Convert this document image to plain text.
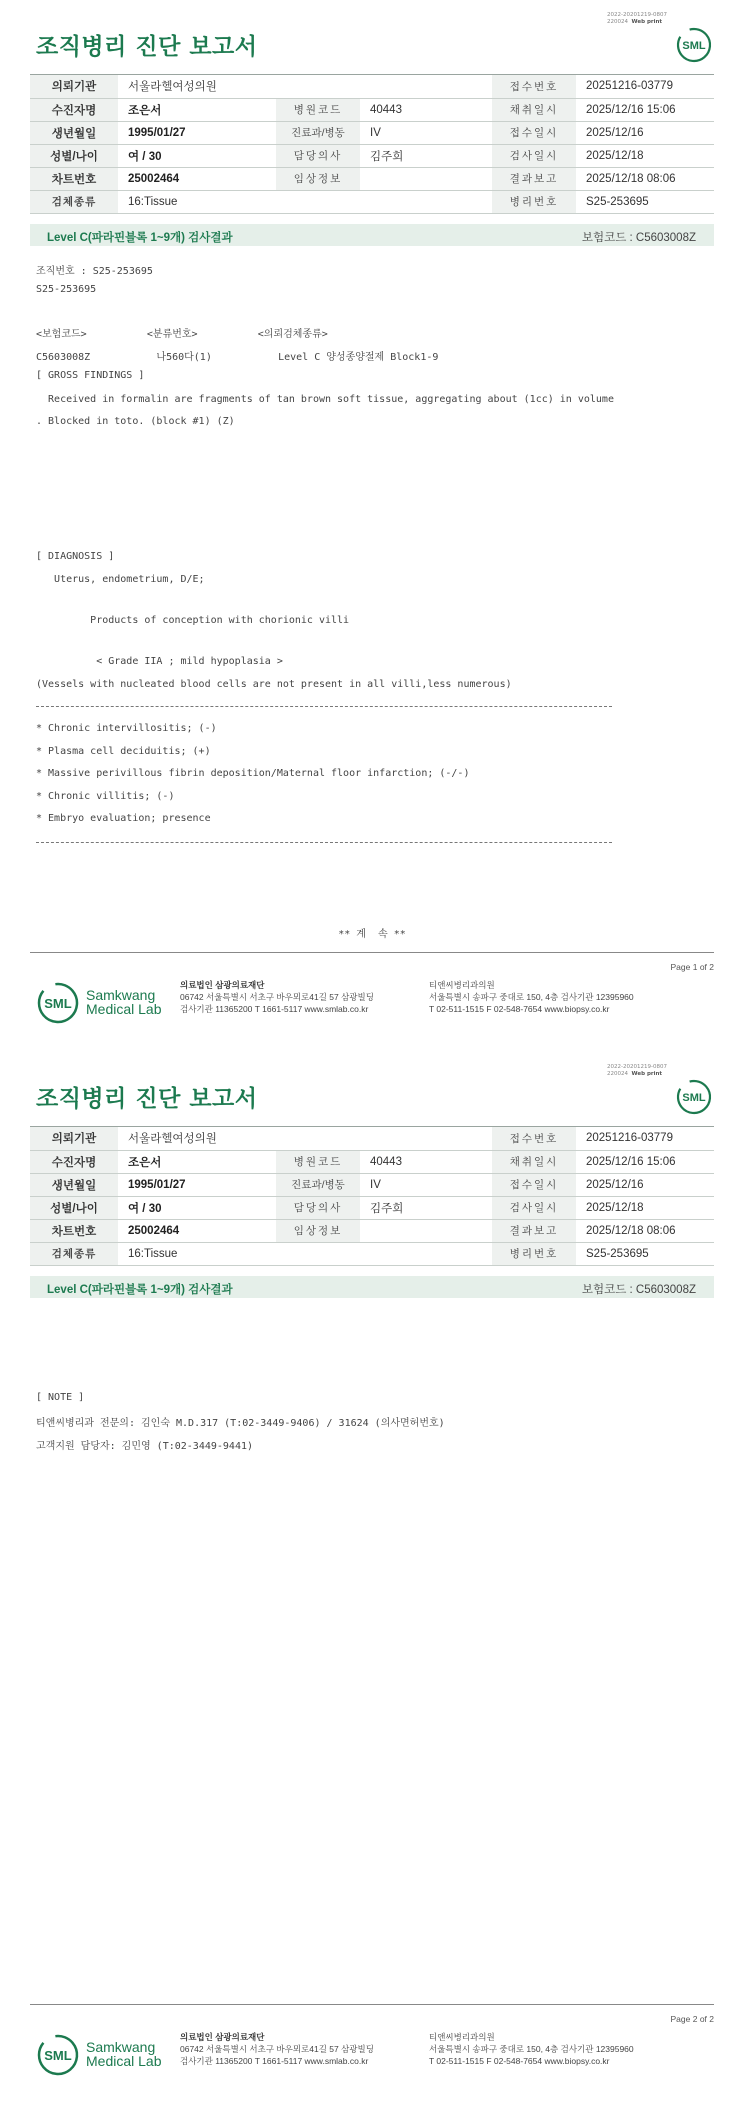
2022-20201219-0807
220024 Web print
조직병리 진단 보고서	SML
의뢰기관	서울라헬여성의원			접수번호	20251216-03779
수진자명	조은서	병원코드	40443	채취일시	2025/12/16 15:06
생년월일	1995/01/27	진료과/병동	IV	접수일시	2025/12/16
성별/나이	여 / 30	담당의사	김주희	검사일시	2025/12/18
차트번호	25002464	임상정보		결과보고	2025/12/18 08:06
검체종류	16:Tissue			병리번호	S25-253695
Level C(파라핀블록 1~9개) 검사결과	보험코드 : C5603008Z
조직번호 : S25-253695
S25-253695
<보험코드>          <분류번호>          <의뢰검체종류>
C5603008Z           나560다(1)           Level C 양성종양절제 Block1-9
[ GROSS FINDINGS ]
Received in formalin are fragments of tan brown soft tissue, aggregating about (1cc) in volume
. Blocked in toto. (block #1) (Z)
[ DIAGNOSIS ]
Uterus, endometrium, D/E;
Products of conception with chorionic villi
< Grade IIA ; mild hypoplasia >
(Vessels with nucleated blood cells are not present in all villi,less numerous)
* Chronic intervillositis; (-)
* Plasma cell deciduitis; (+)
* Massive perivillous fibrin deposition/Maternal floor infarction; (-/-)
* Chronic villitis; (-)
* Embryo evaluation; presence
** 계  속 **
Page 1 of 2
SML
Samkwang
Medical Lab
의료법인 삼광의료재단
06742 서울특별시 서초구 바우뫼로41길 57 삼광빌딩
검사기관 11365200 T 1661-5117 www.smlab.co.kr
티앤씨병리과의원
서울특별시 송파구 중대로 150, 4층 검사기관 12395960
T 02-511-1515 F 02-548-7654 www.biopsy.co.kr
2022-20201219-0807
220024 Web print
조직병리 진단 보고서	SML
의뢰기관	서울라헬여성의원			접수번호	20251216-03779
수진자명	조은서	병원코드	40443	채취일시	2025/12/16 15:06
생년월일	1995/01/27	진료과/병동	IV	접수일시	2025/12/16
성별/나이	여 / 30	담당의사	김주희	검사일시	2025/12/18
차트번호	25002464	임상정보		결과보고	2025/12/18 08:06
검체종류	16:Tissue			병리번호	S25-253695
Level C(파라핀블록 1~9개) 검사결과	보험코드 : C5603008Z
[ NOTE ]
티앤씨병리과 전문의: 김인숙 M.D.317 (T:02-3449-9406) / 31624 (의사면허번호)
고객지원 담당자: 김민영 (T:02-3449-9441)
Page 2 of 2
SML
Samkwang
Medical Lab
의료법인 삼광의료재단
06742 서울특별시 서초구 바우뫼로41길 57 삼광빌딩
검사기관 11365200 T 1661-5117 www.smlab.co.kr
티앤씨병리과의원
서울특별시 송파구 중대로 150, 4층 검사기관 12395960
T 02-511-1515 F 02-548-7654 www.biopsy.co.kr
